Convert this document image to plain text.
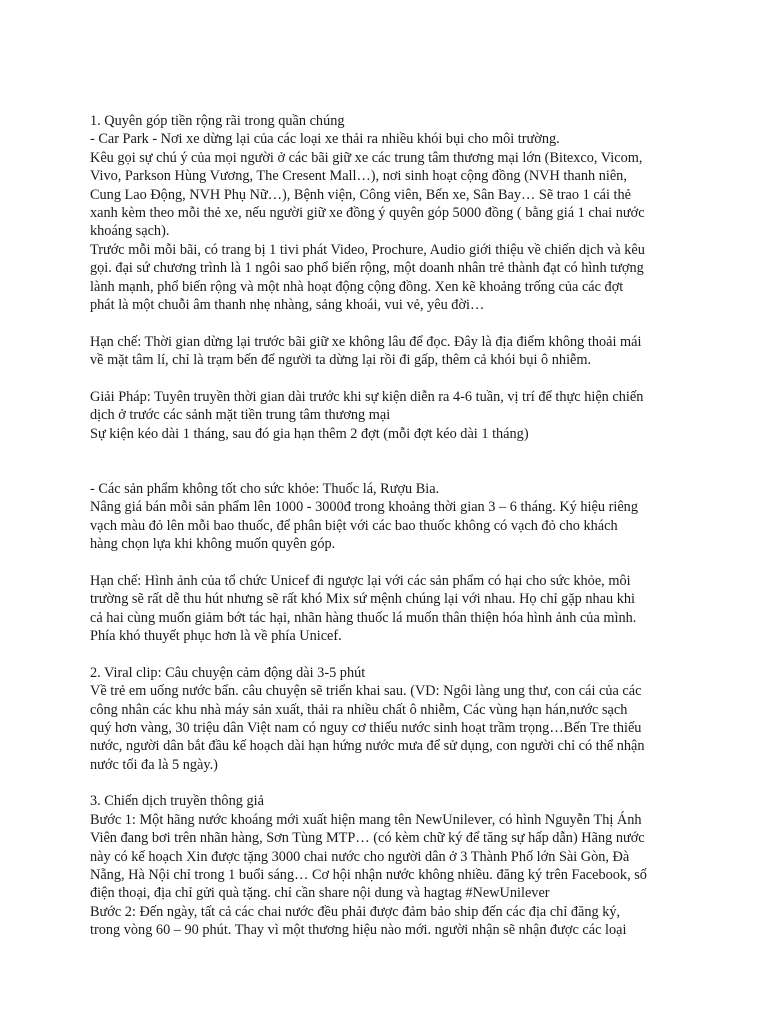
1. Quyên góp tiền rộng rãi trong quần chúng
- Car Park - Nơi xe dừng lại của các loại xe thải ra nhiều khói bụi cho môi trường.
Kêu gọi sự chú ý của mọi người ở các bãi giữ xe các trung tâm thương mại lớn (Bitexco, Vicom,
Vivo, Parkson Hùng Vương, The Cresent Mall…), nơi sinh hoạt cộng đồng (NVH thanh niên,
Cung Lao Động, NVH Phụ Nữ…), Bệnh viện, Công viên, Bến xe, Sân Bay… Sẽ trao 1 cái thẻ
xanh kèm theo mỗi thẻ xe, nếu người giữ xe đồng ý quyên góp 5000 đồng ( bằng giá 1 chai nước
khoáng sạch).
Trước mỗi mỗi bãi, có trang bị 1 tivi phát Video, Prochure, Audio giới thiệu về chiến dịch và kêu
gọi. đại sứ chương trình là 1 ngôi sao phổ biến rộng, một doanh nhân trẻ thành đạt có hình tượng
lành mạnh, phổ biến rộng và một nhà hoạt động cộng đồng. Xen kẽ khoảng trống của các đợt
phát là một chuỗi âm thanh nhẹ nhàng, sảng khoái, vui vẻ, yêu đời…
Hạn chế: Thời gian dừng lại trước bãi giữ xe không lâu để đọc. Đây là địa điểm không thoải mái
về mặt tâm lí, chỉ là trạm bến để người ta dừng lại rồi đi gấp, thêm cả khói bụi ô nhiễm.
Giải Pháp: Tuyên truyền thời gian dài trước khi sự kiện diễn ra 4-6 tuần, vị trí để thực hiện chiến
dịch ở trước các sảnh mặt tiền trung tâm thương mại
Sự kiện kéo dài 1 tháng, sau đó gia hạn thêm 2 đợt (mỗi đợt kéo dài 1 tháng)
- Các sản phẩm không tốt cho sức khỏe: Thuốc lá, Rượu Bia.
Nâng giá bán mỗi sản phẩm lên 1000 - 3000đ trong khoảng thời gian 3 – 6 tháng. Ký hiệu riêng
vạch màu đỏ lên mỗi bao thuốc, để phân biệt với các bao thuốc không có vạch đỏ cho khách
hàng chọn lựa khi không muốn quyên góp.
Hạn chế: Hình ảnh của tổ chức Unicef đi ngược lại với các sản phẩm có hại cho sức khỏe, môi
trường sẽ rất dễ thu hút nhưng sẽ rất khó Mix sứ mệnh chúng lại với nhau. Họ chỉ gặp nhau khi
cả hai cùng muốn giảm bớt tác hại, nhãn hàng thuốc lá muốn thân thiện hóa hình ảnh của mình.
Phía khó thuyết phục hơn là về phía Unicef.
2. Viral clip: Câu chuyện cảm động dài 3-5 phút
Về trẻ em uống nước bẩn. câu chuyện sẽ triển khai sau. (VD: Ngôi làng ung thư, con cái của các
công nhân các khu nhà máy sản xuất, thải ra nhiều chất ô nhiễm, Các vùng hạn hán,nước sạch
quý hơn vàng, 30 triệu dân Việt nam có nguy cơ thiếu nước sinh hoạt trầm trọng…Bến Tre thiếu
nước, người dân bắt đầu kế hoạch dài hạn hứng nước mưa để sử dụng, con người chỉ có thể nhận
nước tối đa là 5 ngày.)
3. Chiến dịch truyền thông giả
Bước 1: Một hãng nước khoáng mới xuất hiện mang tên NewUnilever, có hình Nguyễn Thị Ánh
Viên đang bơi trên nhãn hàng, Sơn Tùng MTP… (có kèm chữ ký để tăng sự hấp dẫn) Hãng nước
này có kế hoạch Xin được tặng 3000 chai nước cho người dân ở 3 Thành Phố lớn Sài Gòn, Đà
Nẵng, Hà Nội chỉ trong 1 buổi sáng… Cơ hội nhận nước không nhiều. đăng ký trên Facebook, số
điện thoại, địa chỉ gửi quà tặng. chỉ cần share nội dung và hagtag #NewUnilever
Bước 2: Đến ngày, tất cả các chai nước đều phải được đảm bảo ship đến các địa chỉ đăng ký,
trong vòng 60 – 90 phút. Thay vì một thương hiệu nào mới. người nhận sẽ nhận được các loại
